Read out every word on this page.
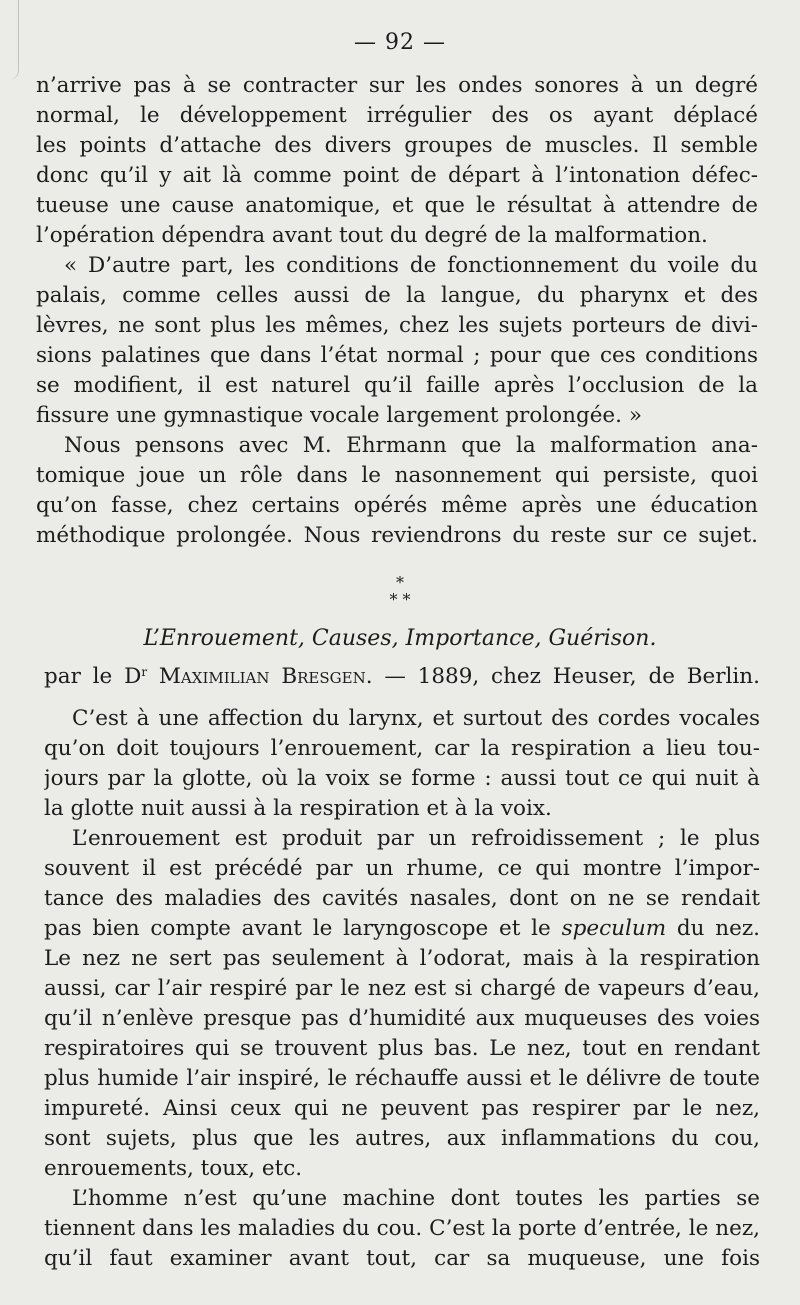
— 92 —
n’arrive pas à se contracter sur les ondes sonores à un degré
normal, le développement irrégulier des os ayant déplacé
les points d’attache des divers groupes de muscles. Il semble
donc qu’il y ait là comme point de départ à l’intonation défec-
tueuse une cause anatomique, et que le résultat à attendre de
l’opération dépendra avant tout du degré de la malformation.
« D’autre part, les conditions de fonctionnement du voile du
palais, comme celles aussi de la langue, du pharynx et des
lèvres, ne sont plus les mêmes, chez les sujets porteurs de divi-
sions palatines que dans l’état normal ; pour que ces conditions
se modifient, il est naturel qu’il faille après l’occlusion de la
fissure une gymnastique vocale largement prolongée. »
Nous pensons avec M. Ehrmann que la malformation ana-
tomique joue un rôle dans le nasonnement qui persiste, quoi
qu’on fasse, chez certains opérés même après une éducation
méthodique prolongée. Nous reviendrons du reste sur ce sujet.
*
* *
L’Enrouement, Causes, Importance, Guérison.
par le $D^r$ Maximilian Bresgen. — 1889, chez Heuser, de Berlin.
C’est à une affection du larynx, et surtout des cordes vocales
qu’on doit toujours l’enrouement, car la respiration a lieu tou-
jours par la glotte, où la voix se forme : aussi tout ce qui nuit à
la glotte nuit aussi à la respiration et à la voix.
L’enrouement est produit par un refroidissement ; le plus
souvent il est précédé par un rhume, ce qui montre l’impor-
tance des maladies des cavités nasales, dont on ne se rendait
pas bien compte avant le laryngoscope et le speculum du nez.
Le nez ne sert pas seulement à l’odorat, mais à la respiration
aussi, car l’air respiré par le nez est si chargé de vapeurs d’eau,
qu’il n’enlève presque pas d’humidité aux muqueuses des voies
respiratoires qui se trouvent plus bas. Le nez, tout en rendant
plus humide l’air inspiré, le réchauffe aussi et le délivre de toute
impureté. Ainsi ceux qui ne peuvent pas respirer par le nez,
sont sujets, plus que les autres, aux inflammations du cou,
enrouements, toux, etc.
L’homme n’est qu’une machine dont toutes les parties se
tiennent dans les maladies du cou. C’est la porte d’entrée, le nez,
qu’il faut examiner avant tout, car sa muqueuse, une fois
